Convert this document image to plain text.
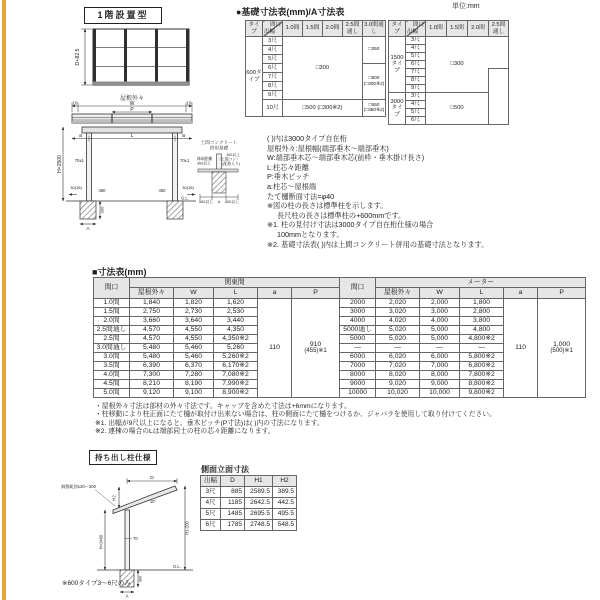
1階設置型
D+82.5
屋根外々
10	W	10
P
a	L	a
H=2500	70±1	70±1
30(18)
450	450
30(18)
G.L.
A
300
土間コンクリート
併用基礎
縁端距離
300以上
100以上
〈土間コン〉
(配筋入り)
500以上 A 500以上
●基礎寸法表(mm)/A寸法表
単位:mm
タイプ	間口
出幅	1.0間	1.5間	2.0間	2.5間通し	3.0間通し
600タイプ	3尺	□300				□350
	4尺					
	5尺					
	6尺					□500
(□300※2)

	7尺					
	8尺					
	9尺					
	10尺	□500 (□300※2)				□550
(□350※2)
タイプ	間口
出幅	1.0間	1.5間	2.0間	2.5間通し
1500タイプ	3尺	□300			
	4尺				
	5尺				
	6尺				
	7尺				
	8尺				
	9尺				
3000タイプ	3尺	□500			
	4尺				
	5尺				
	6尺				
( )内は3000タイプ自在桁
屋根外々:屋根幅(端部垂木〜端部垂木)
W:端部垂木芯〜端部垂木芯(前枠・垂木掛け長さ)
L:柱芯々距離
P:垂木ピッチ
a:柱芯〜屋根端
たて樋断面寸法=φ40
※図の柱の長さは標準柱を示します。
長尺柱の長さは標準柱の+600mmです。
※1. 柱の見付け寸法は3000タイプ自在桁仕様の場合
100mmとなります。
※2. 基礎寸法表( )内は土間コンクリート併用の基礎寸法となります。
■寸法表(mm)
間口	関東間					間口	メーター				
	屋根外々	W	L	a	P		屋根外々	W	L	a	P
1.0間	1,840	1,820	1,620	110	910
(455)※1
	2000	2,020	2,000	1,800	110	1,000
(500)※1

1.5間	2,750	2,730	2,530			3000	3,020	3,000	2,800		
2.0間	3,660	3,640	3,440			4000	4,020	4,000	3,800		
2.5間通し	4,570	4,550	4,350			5000通し	5,020	5,000	4,800		
2.5間	4,570	4,550	4,350※2			5000	5,020	5,000	4,800※2		
3.0間通し	5,480	5,460	5,260			—	—	—	—		
3.0間	5,480	5,460	5,260※2			6000	6,020	6,000	5,800※2		
3.5間	6,390	6,370	6,170※2			7000	7,020	7,000	6,800※2		
4.0間	7,300	7,280	7,080※2			8000	8,020	8,000	7,800※2		
4.5間	8,210	8,190	7,990※2			9000	9,020	9,000	8,800※2		
5.0間	9,120	9,100	8,900※2			10000	10,020	10,000	9,800※2		
・屋根外々寸法は部材の外々寸法です。キャップを含めた寸法は+6mmになります。
・柱移動により柱正面にたて樋が取付け出来ない場合は、柱の側面にたて樋をつけるか、ジャバラを使用して取り付けてください。
※1. 出幅が9尺以上になると、垂木ピッチ(P寸法)は( )内の寸法になります。
※2. 連棟の場合のLは端部同士の柱の芯々距離になります。
持ち出し柱仕様
D
調整範囲120〜300
H2
10°
70
H=2400
H1-200
G.L.
A
300
側面立面寸法
出幅	D	H1	H2
3尺	885	2589.5	389.5
4尺	1185	2642.5	442.5
5尺	1485	2695.5	495.5
6尺	1785	2748.5	548.5
※600タイプ3〜6尺のみ
